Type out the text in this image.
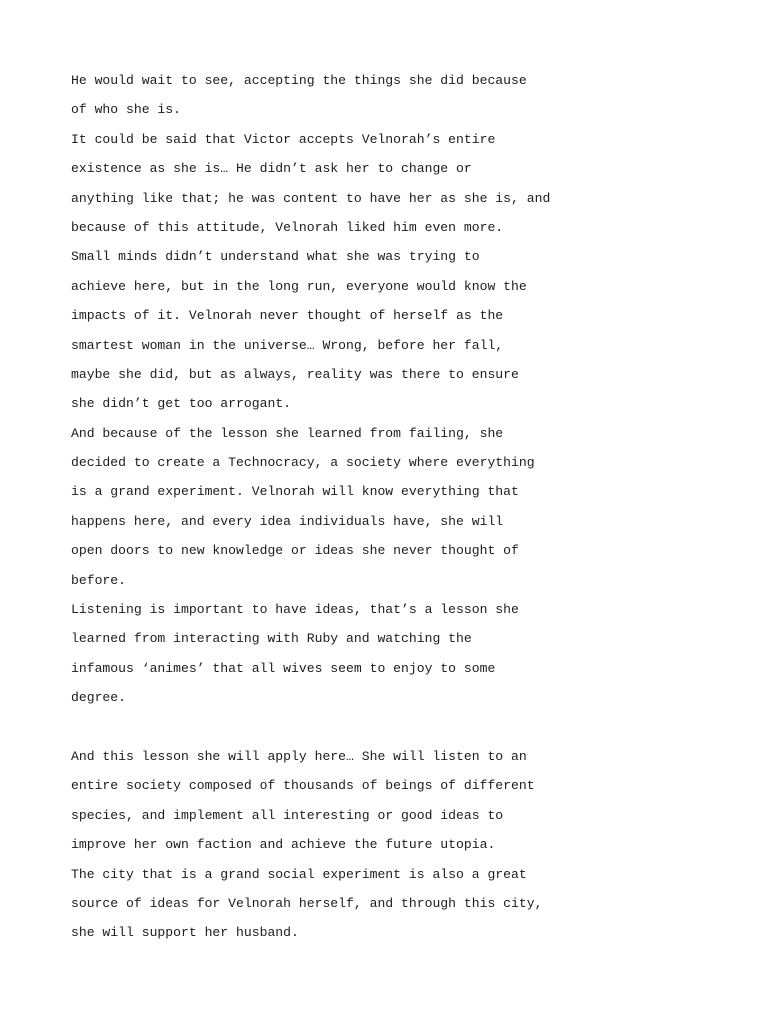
He would wait to see, accepting the things she did because
of who she is.
It could be said that Victor accepts Velnorah’s entire
existence as she is… He didn’t ask her to change or
anything like that; he was content to have her as she is, and
because of this attitude, Velnorah liked him even more.
Small minds didn’t understand what she was trying to
achieve here, but in the long run, everyone would know the
impacts of it. Velnorah never thought of herself as the
smartest woman in the universe… Wrong, before her fall,
maybe she did, but as always, reality was there to ensure
she didn’t get too arrogant.
And because of the lesson she learned from failing, she
decided to create a Technocracy, a society where everything
is a grand experiment. Velnorah will know everything that
happens here, and every idea individuals have, she will
open doors to new knowledge or ideas she never thought of
before.
Listening is important to have ideas, that’s a lesson she
learned from interacting with Ruby and watching the
infamous ‘animes’ that all wives seem to enjoy to some
degree.
And this lesson she will apply here… She will listen to an
entire society composed of thousands of beings of different
species, and implement all interesting or good ideas to
improve her own faction and achieve the future utopia.
The city that is a grand social experiment is also a great
source of ideas for Velnorah herself, and through this city,
she will support her husband.
